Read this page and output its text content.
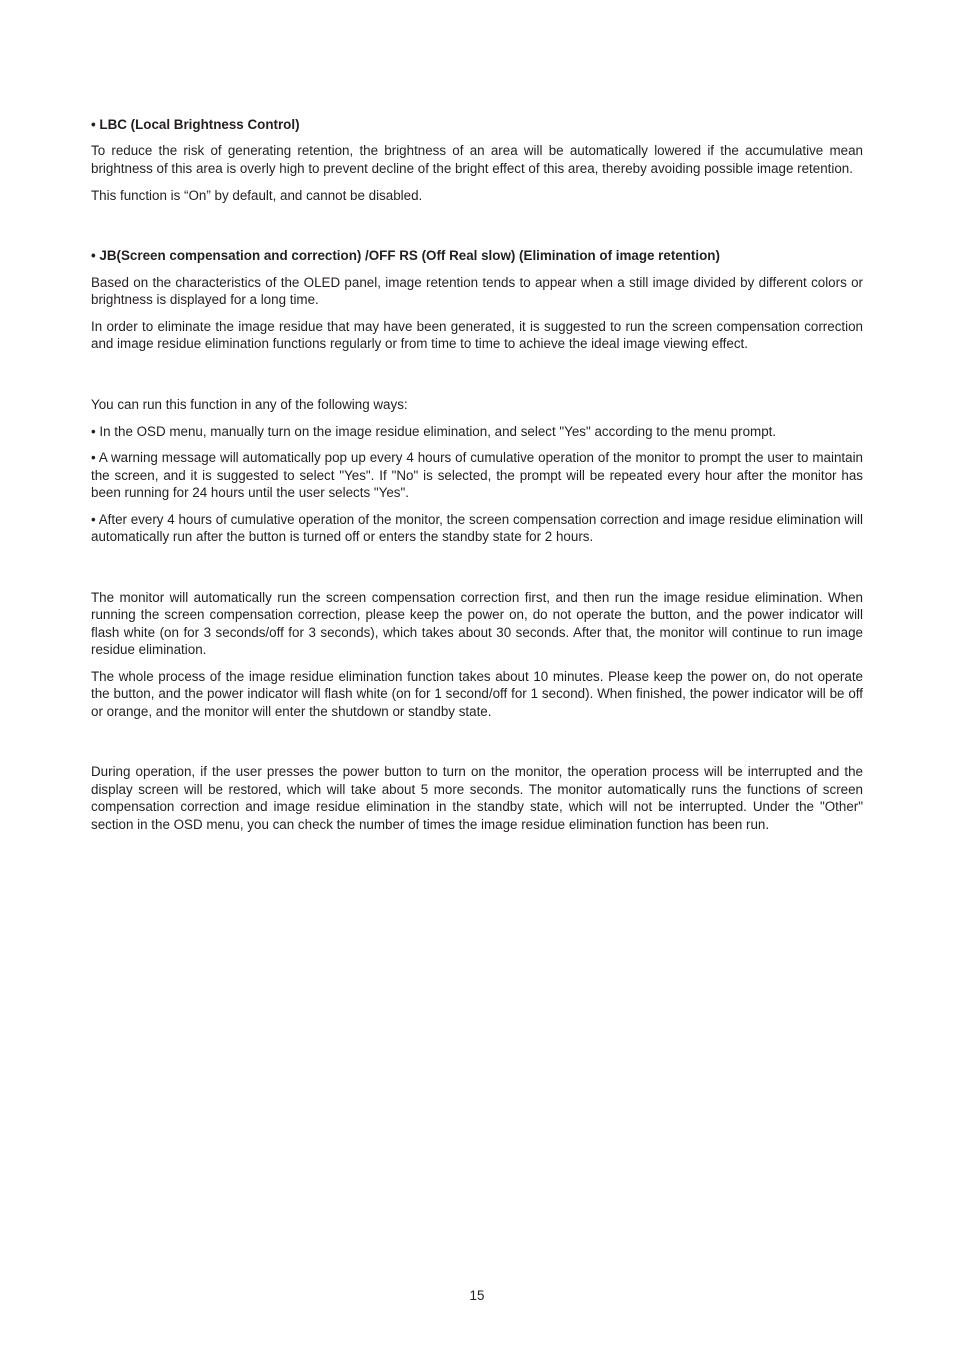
• LBC (Local Brightness Control)

To reduce the risk of generating retention, the brightness of an area will be automatically lowered if the accumulative mean brightness of this area is overly high to prevent decline of the bright effect of this area, thereby avoiding possible image retention.

This function is “On” by default, and cannot be disabled.

• JB(Screen compensation and correction) /OFF RS (Off Real slow) (Elimination of image retention)

Based on the characteristics of the OLED panel, image retention tends to appear when a still image divided by different colors or brightness is displayed for a long time.

In order to eliminate the image residue that may have been generated, it is suggested to run the screen compensation correction and image residue elimination functions regularly or from time to time to achieve the ideal image viewing effect.

You can run this function in any of the following ways:

• In the OSD menu, manually turn on the image residue elimination, and select "Yes" according to the menu prompt.

• A warning message will automatically pop up every 4 hours of cumulative operation of the monitor to prompt the user to maintain the screen, and it is suggested to select "Yes". If "No" is selected, the prompt will be repeated every hour after the monitor has been running for 24 hours until the user selects "Yes".

• After every 4 hours of cumulative operation of the monitor, the screen compensation correction and image residue elimination will automatically run after the button is turned off or enters the standby state for 2 hours.

The monitor will automatically run the screen compensation correction first, and then run the image residue elimination. When running the screen compensation correction, please keep the power on, do not operate the button, and the power indicator will flash white (on for 3 seconds/off for 3 seconds), which takes about 30 seconds. After that, the monitor will continue to run image residue elimination.

The whole process of the image residue elimination function takes about 10 minutes. Please keep the power on, do not operate the button, and the power indicator will flash white (on for 1 second/off for 1 second). When finished, the power indicator will be off or orange, and the monitor will enter the shutdown or standby state.

During operation, if the user presses the power button to turn on the monitor, the operation process will be interrupted and the display screen will be restored, which will take about 5 more seconds. The monitor automatically runs the functions of screen compensation correction and image residue elimination in the standby state, which will not be interrupted. Under the "Other" section in the OSD menu, you can check the number of times the image residue elimination function has been run.

15
